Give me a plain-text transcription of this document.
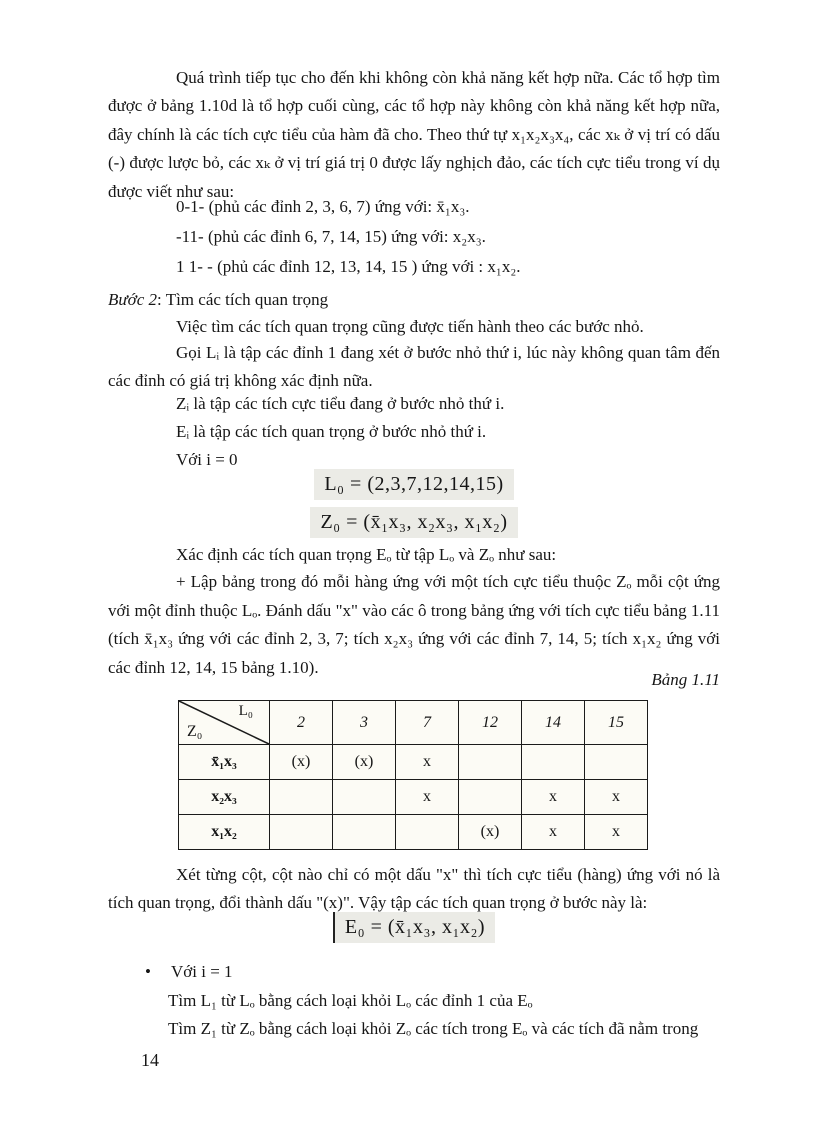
Quá trình tiếp tục cho đến khi không còn khả năng kết hợp nữa. Các tổ hợp tìm được ở bảng 1.10d là tổ hợp cuối cùng, các tổ hợp này không còn khả năng kết hợp nữa, đây chính là các tích cực tiểu của hàm đã cho. Theo thứ tự x₁x₂x₃x₄, các xₖ ở vị trí có dấu (-) được lược bỏ, các xₖ ở vị trí giá trị 0 được lấy nghịch đảo, các tích cực tiểu trong ví dụ được viết như sau:

0-1- (phủ các đỉnh 2, 3, 6, 7) ứng với: x̄₁x₃.
-11- (phủ các đỉnh 6, 7, 14, 15) ứng với: x₂x₃.
1 1- - (phủ các đỉnh 12, 13, 14, 15 ) ứng với : x₁x₂.

Bước 2: Tìm các tích quan trọng

Việc tìm các tích quan trọng cũng được tiến hành theo các bước nhỏ.

Gọi Lᵢ là tập các đỉnh 1 đang xét ở bước nhỏ thứ i, lúc này không quan tâm đến các đỉnh có giá trị không xác định nữa.

Zᵢ là tập các tích cực tiểu đang ở bước nhỏ thứ i.

Eᵢ là tập các tích quan trọng ở bước nhỏ thứ i.

Với i = 0

L₀ = (2,3,7,12,14,15)
Z₀ = (x̄₁x₃, x₂x₃, x₁x₂)

Xác định các tích quan trọng Eₒ từ tập Lₒ và Zₒ như sau:

+ Lập bảng trong đó mỗi hàng ứng với một tích cực tiểu thuộc Zₒ mỗi cột ứng với một đỉnh thuộc Lₒ. Đánh dấu "x" vào các ô trong bảng ứng với tích cực tiểu bảng 1.11 (tích x̄₁x₃ ứng với các đỉnh 2, 3, 7; tích x₂x₃ ứng với các đỉnh 7, 14, 5; tích x₁x₂ ứng với các đỉnh 12, 14, 15 bảng 1.10).

Bảng 1.11
L₀
Z₀	2	3	7	12	14	15
x̄₁x₃	(x)	(x)	x			
x₂x₃			x		x	x
x₁x₂				(x)	x	x

Xét từng cột, cột nào chỉ có một dấu "x" thì tích cực tiểu (hàng) ứng với nó là tích quan trọng, đổi thành dấu "(x)". Vậy tập các tích quan trọng ở bước này là:

E₀ = (x̄₁x₃, x₁x₂)
• Với i = 1

Tìm L₁ từ Lₒ bằng cách loại khỏi Lₒ các đỉnh 1 của Eₒ

Tìm Z₁ từ Zₒ bằng cách loại khỏi Zₒ các tích trong Eₒ và các tích đã nằm trong

14
